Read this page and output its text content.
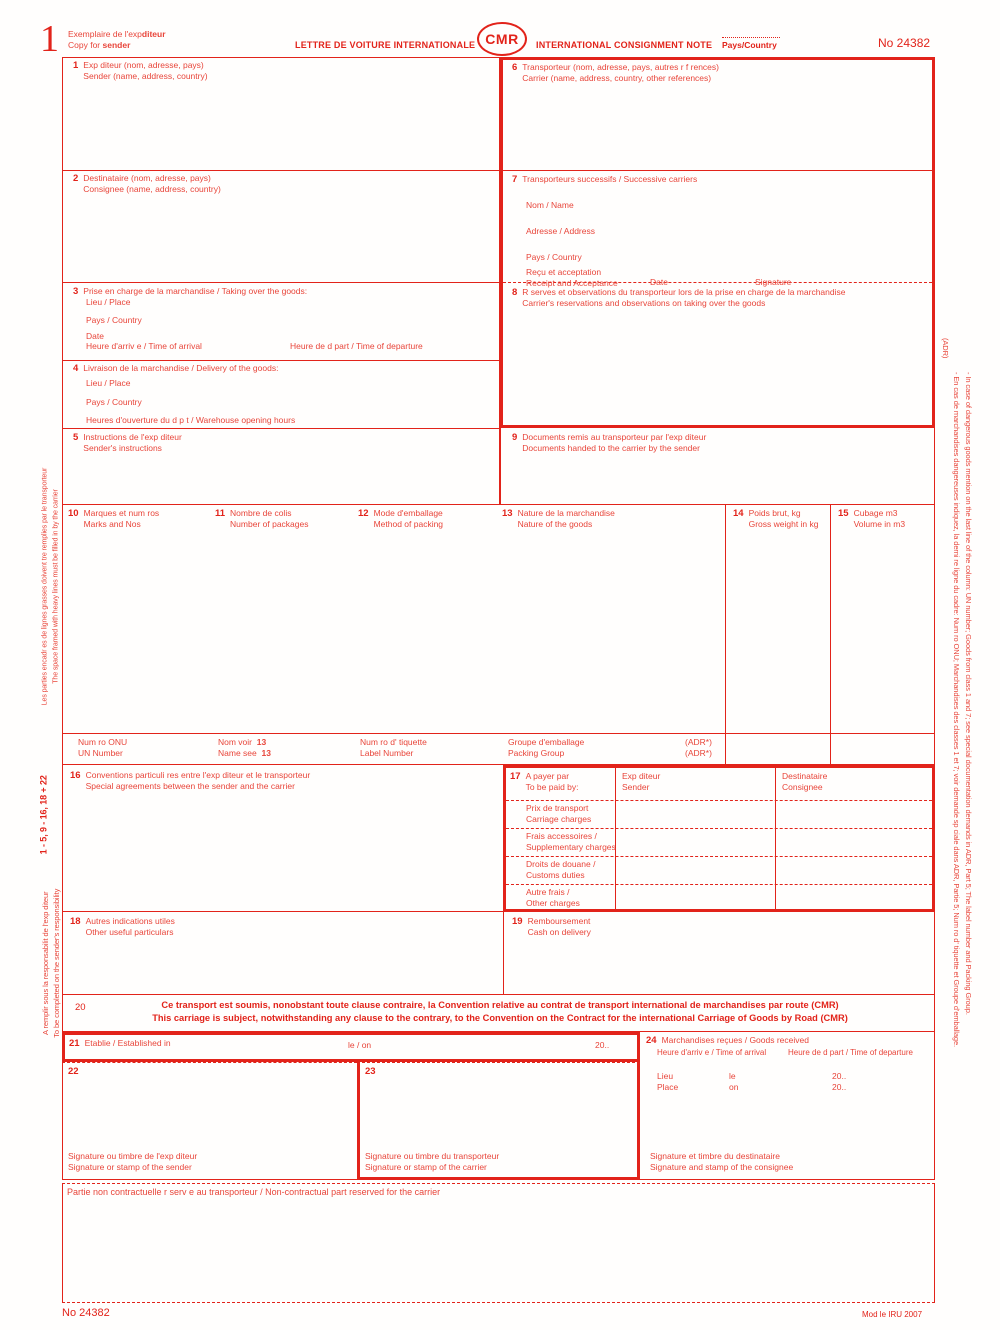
1 Exemplaire de l'expditeur
Copy for sender	LETTRE DE VOITURE INTERNATIONALE CMR	INTERNATIONAL CONSIGNMENT NOTE Pays/Country	No 24382
1 Exp diteur (nom, adresse, pays)
Sender (name, address, country)
2 Destinataire (nom, adresse, pays)
Consignee (name, address, country)
3 Prise en charge de la marchandise / Taking over the goods:
Lieu / Place
Pays / Country
Date
Heure d'arriv e / Time of arrival	Heure de d part / Time of departure
4 Livraison de la marchandise / Delivery of the goods:
Lieu / Place
Pays / Country
Heures d'ouverture du d p t / Warehouse opening hours
5 Instructions de l'exp diteur
Sender's instructions
6 Transporteur (nom, adresse, pays, autres r f rences)
Carrier (name, address, country, other references)
7 Transporteurs successifs / Successive carriers
Nom / Name
Adresse / Address
Pays / Country
Reçu et acceptation
Receipt and Acceptance	Date	Signature
8 R serves et observations du transporteur lors de la prise en charge de la marchandise
Carrier's reservations and observations on taking over the goods
9 Documents remis au transporteur par l'exp diteur
Documents handed to the carrier by the sender
10 Marques et num ros
Marks and Nos
11 Nombre de colis
Number of packages
12 Mode d'emballage
Method of packing
13 Nature de la marchandise
Nature of the goods
14 Poids brut, kg
Gross weight in kg
15 Cubage m3
Volume in m3
Num ro ONU
UN Number
Nom voir 13
Name see 13
Num ro d' tiquette
Label Number
Groupe d'emballage
Packing Group
(ADR*)
(ADR*)
16 Conventions particuli res entre l'exp diteur et le transporteur
Special agreements between the sender and the carrier
17 A payer par
To be paid by:
Exp diteur
Sender
Destinataire
Consignee
Prix de transport
Carriage charges
Frais accessoires /
Supplementary charges
Droits de douane /
Customs duties
Autre frais /
Other charges
18 Autres indications utiles
Other useful particulars
19 Remboursement
Cash on delivery
20	Ce transport est soumis, nonobstant toute clause contraire, la Convention relative au contrat de transport international de marchandises par route (CMR)
This carriage is subject, notwithstanding any clause to the contrary, to the Convention on the Contract for the international Carriage of Goods by Road (CMR)
21 Etablie / Established in	le / on	20..
22
Signature ou timbre de l'exp diteur
Signature or stamp of the sender
23
Signature ou timbre du transporteur
Signature or stamp of the carrier
24 Marchandises reçues / Goods received
Heure d'arriv e / Time of arrival	Heure de d part / Time of departure
Lieu
Place
le
on
20..
20..
Signature et timbre du destinataire
Signature and stamp of the consignee
Partie non contractuelle r serv e au transporteur / Non-contractual part reserved for the carrier
No 24382	Mod le IRU 2007
Les parties encadr es de lignes grasses doivent tre remplies par le transporteur The space framed with heavy lines must be filled in by the carrier
1 - 5, 9 - 16, 18 + 22
A remplir sous la responsabilit de l'exp diteur To be completed on the sender's responsibility
(ADR)
- En cas de marchandises dangereuses indiquez, la derni re ligne du cadre: Num ro ONU; Marchandises des classes 1 et 7; voir demande sp ciale dans ADR, Partie 5; Num ro d' tiquette et Groupe d'emballage. - In case of dangerous goods mention on the last line of the column: UN number; Goods from class 1 and 7; see special documentation demands in ADR, Part 5; The label number and Packing Group.
